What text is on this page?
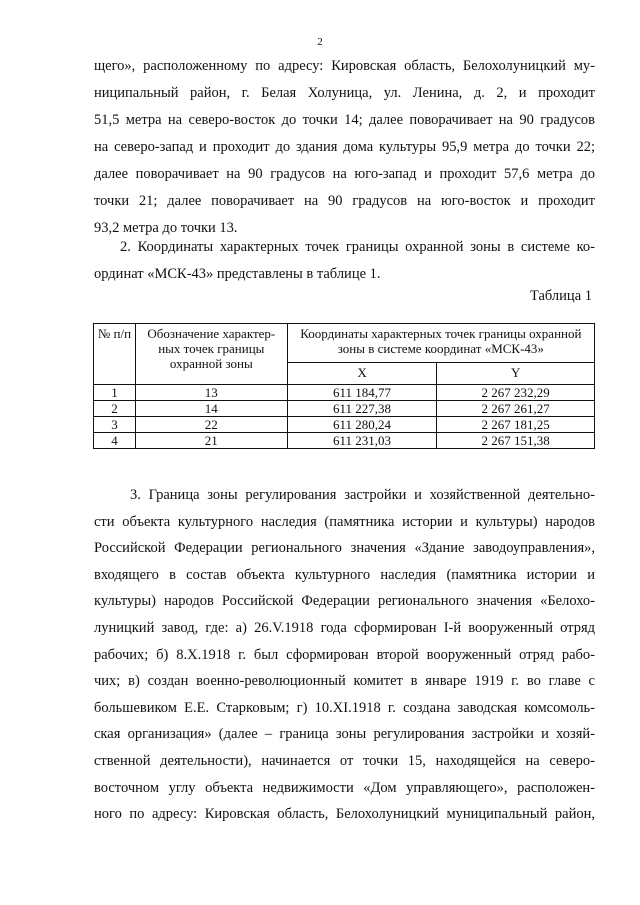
2
щего», расположенному по адресу: Кировская область, Белохолуницкий му-
ниципальный район, г. Белая Холуница, ул. Ленина, д. 2, и проходит
51,5 метра на северо-восток до точки 14; далее поворачивает на 90 градусов
на северо-запад и проходит до здания дома культуры 95,9 метра до точки 22;
далее поворачивает на 90 градусов на юго-запад и проходит 57,6 метра до
точки 21; далее поворачивает на 90 градусов на юго-восток и проходит
93,2 метра до точки 13.
2. Координаты характерных точек границы охранной зоны в системе ко-
ординат «МСК-43» представлены в таблице 1.
Таблица 1
№ п/п	Обозначение характер-ных точек границы охранной зоны	Координаты характерных точек границы охранной зоны в системе координат «МСК-43»	
		X	Y
1	13	611 184,77	2 267 232,29
2	14	611 227,38	2 267 261,27
3	22	611 280,24	2 267 181,25
4	21	611 231,03	2 267 151,38
3. Граница зоны регулирования застройки и хозяйственной деятельно-
сти объекта культурного наследия (памятника истории и культуры) народов
Российской Федерации регионального значения «Здание заводоуправления»,
входящего в состав объекта культурного наследия (памятника истории и
культуры) народов Российской Федерации регионального значения «Белохо-
луницкий завод, где: а) 26.V.1918 года сформирован I-й вооруженный отряд
рабочих; б) 8.X.1918 г. был сформирован второй вооруженный отряд рабо-
чих; в) создан военно-революционный комитет в январе 1919 г. во главе с
большевиком Е.Е. Старковым; г) 10.XI.1918 г. создана заводская комсомоль-
ская организация» (далее – граница зоны регулирования застройки и хозяй-
ственной деятельности), начинается от точки 15, находящейся на северо-
восточном углу объекта недвижимости «Дом управляющего», расположен-
ного по адресу: Кировская область, Белохолуницкий муниципальный район,
